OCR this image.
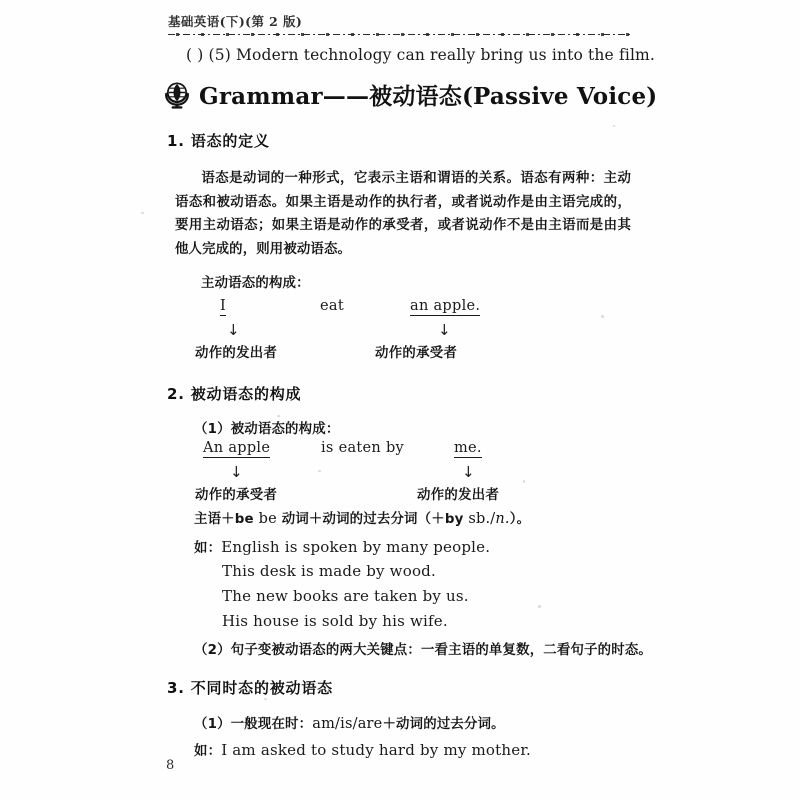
基础英语(下)(第 2 版)
( ) (5) Modern technology can really bring us into the film.
Grammar——被动语态(Passive Voice)
1. 语态的定义
语态是动词的一种形式，它表示主语和谓语的关系。语态有两种：主动语态和被动语态。如果主语是动作的执行者，或者说动作是由主语完成的，要用主动语态；如果主语是动作的承受者，或者说动作不是由主语而是由其他人完成的，则用被动语态。
主动语态的构成：
I	eat	an apple.
↓	↓
动作的发出者	动作的承受者
2. 被动语态的构成
（1）被动语态的构成：
An apple	is eaten by	me.
↓	↓
动作的承受者	动作的发出者
主语＋be be 动词＋动词的过去分词（＋by sb./n.）。
如：English is spoken by many people.
This desk is made by wood.
The new books are taken by us.
His house is sold by his wife.
（2）句子变被动语态的两大关键点：一看主语的单复数，二看句子的时态。
3. 不同时态的被动语态
（1）一般现在时：am/is/are＋动词的过去分词。
如：I am asked to study hard by my mother.
8
